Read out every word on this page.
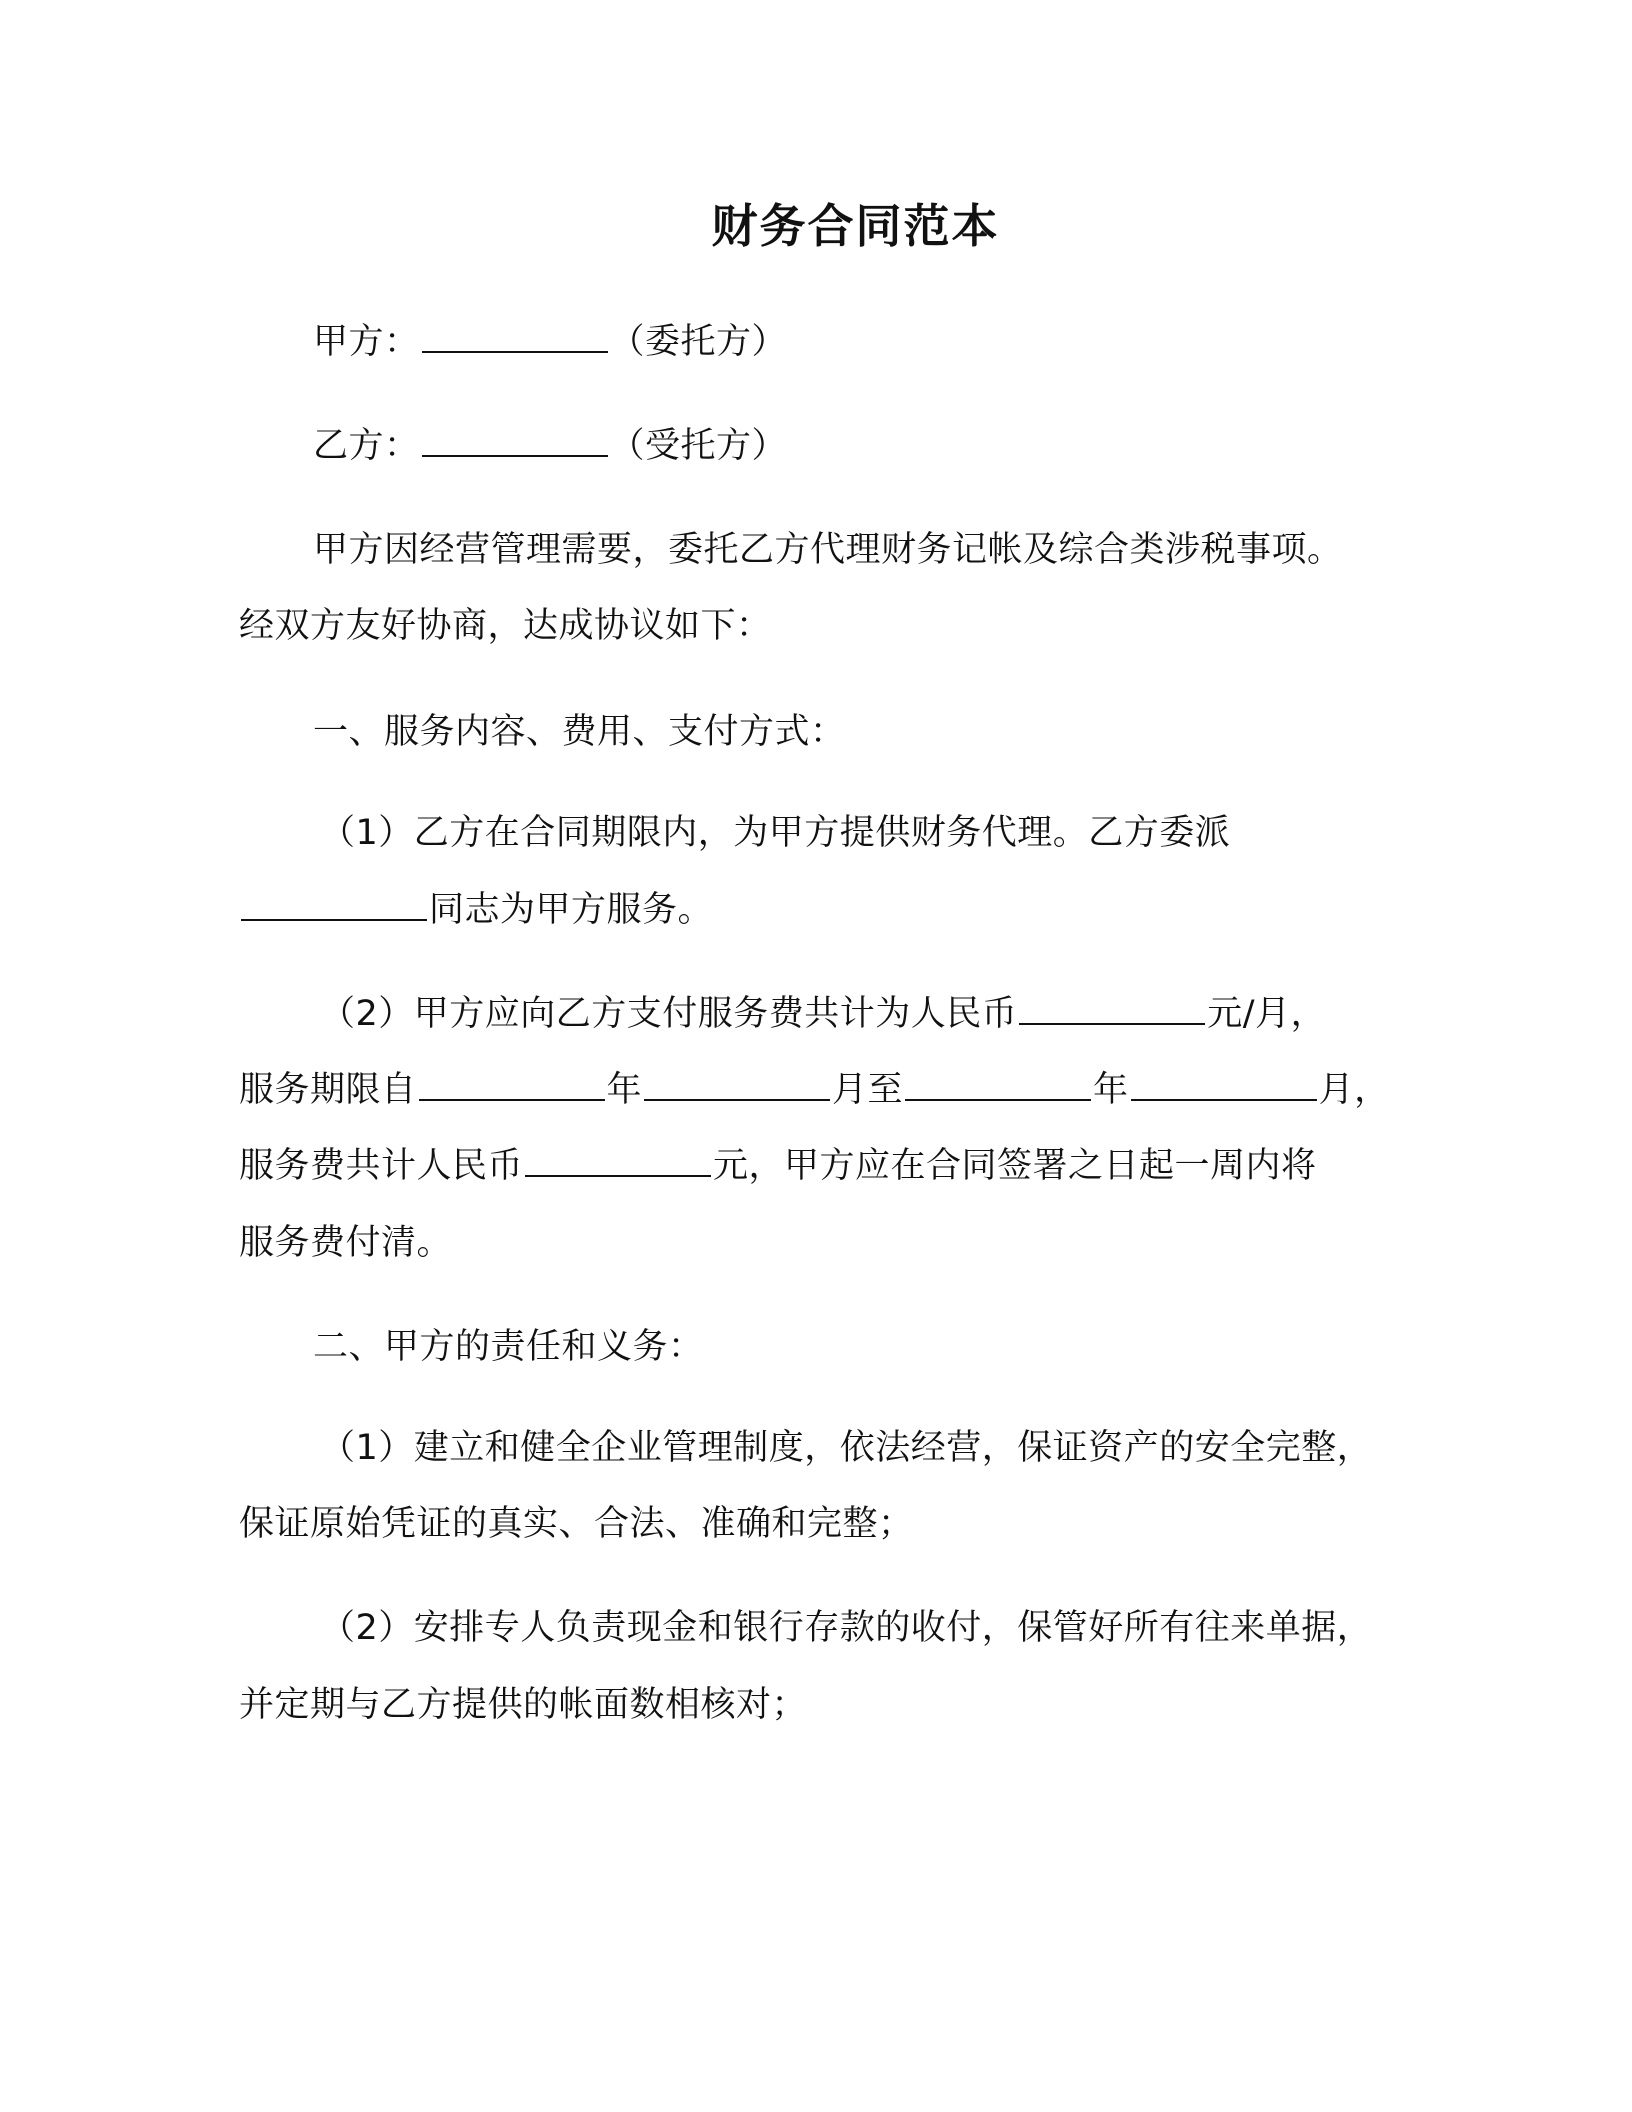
财务合同范本

甲方：	（委托方）

乙方：	（受托方）

甲方因经营管理需要，委托乙方代理财务记帐及综合类涉税事项。

经双方友好协商，达成协议如下：

一、服务内容、费用、支付方式：

（1）乙方在合同期限内，为甲方提供财务代理。乙方委派

同志为甲方服务。

（2）甲方应向乙方支付服务费共计为人民币	元/月，

服务期限自	年	月至	年	月，

服务费共计人民币	元，甲方应在合同签署之日起一周内将

服务费付清。

二、甲方的责任和义务：

（1）建立和健全企业管理制度，依法经营，保证资产的安全完整，

保证原始凭证的真实、合法、准确和完整；

（2）安排专人负责现金和银行存款的收付，保管好所有往来单据，

并定期与乙方提供的帐面数相核对；
